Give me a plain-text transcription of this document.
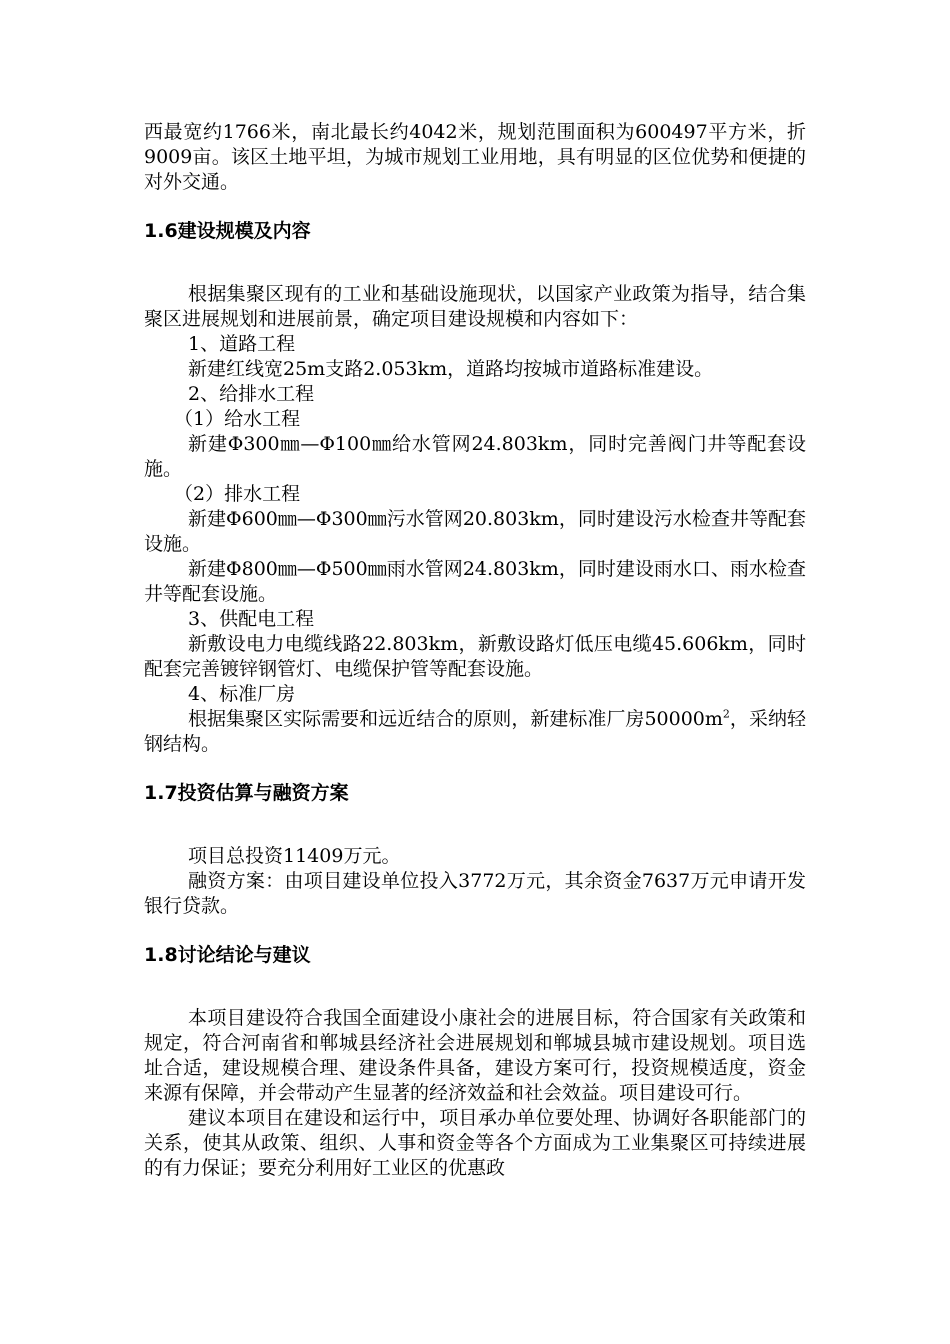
西最宽约1766米，南北最长约4042米，规划范围面积为600497平方米，折9009亩。该区土地平坦，为城市规划工业用地，具有明显的区位优势和便捷的对外交通。

1.6建设规模及内容

根据集聚区现有的工业和基础设施现状，以国家产业政策为指导，结合集聚区进展规划和进展前景，确定项目建设规模和内容如下：

1、道路工程

新建红线宽25m支路2.053km，道路均按城市道路标准建设。

2、给排水工程

（1）给水工程

新建Φ300㎜—Φ100㎜给水管网24.803km，同时完善阀门井等配套设施。

（2）排水工程

新建Φ600㎜—Φ300㎜污水管网20.803km，同时建设污水检查井等配套设施。

新建Φ800㎜—Φ500㎜雨水管网24.803km，同时建设雨水口、雨水检查井等配套设施。

3、供配电工程

新敷设电力电缆线路22.803km，新敷设路灯低压电缆45.606km，同时配套完善镀锌钢管灯、电缆保护管等配套设施。

4、标准厂房

根据集聚区实际需要和远近结合的原则，新建标准厂房$50000m^2$，采纳轻钢结构。

1.7投资估算与融资方案

项目总投资11409万元。

融资方案：由项目建设单位投入3772万元，其余资金7637万元申请开发银行贷款。

1.8讨论结论与建议

本项目建设符合我国全面建设小康社会的进展目标，符合国家有关政策和规定，符合河南省和郸城县经济社会进展规划和郸城县城市建设规划。项目选址合适，建设规模合理、建设条件具备，建设方案可行，投资规模适度，资金来源有保障，并会带动产生显著的经济效益和社会效益。项目建设可行。

建议本项目在建设和运行中，项目承办单位要处理、协调好各职能部门的关系，使其从政策、组织、人事和资金等各个方面成为工业集聚区可持续进展的有力保证；要充分利用好工业区的优惠政
